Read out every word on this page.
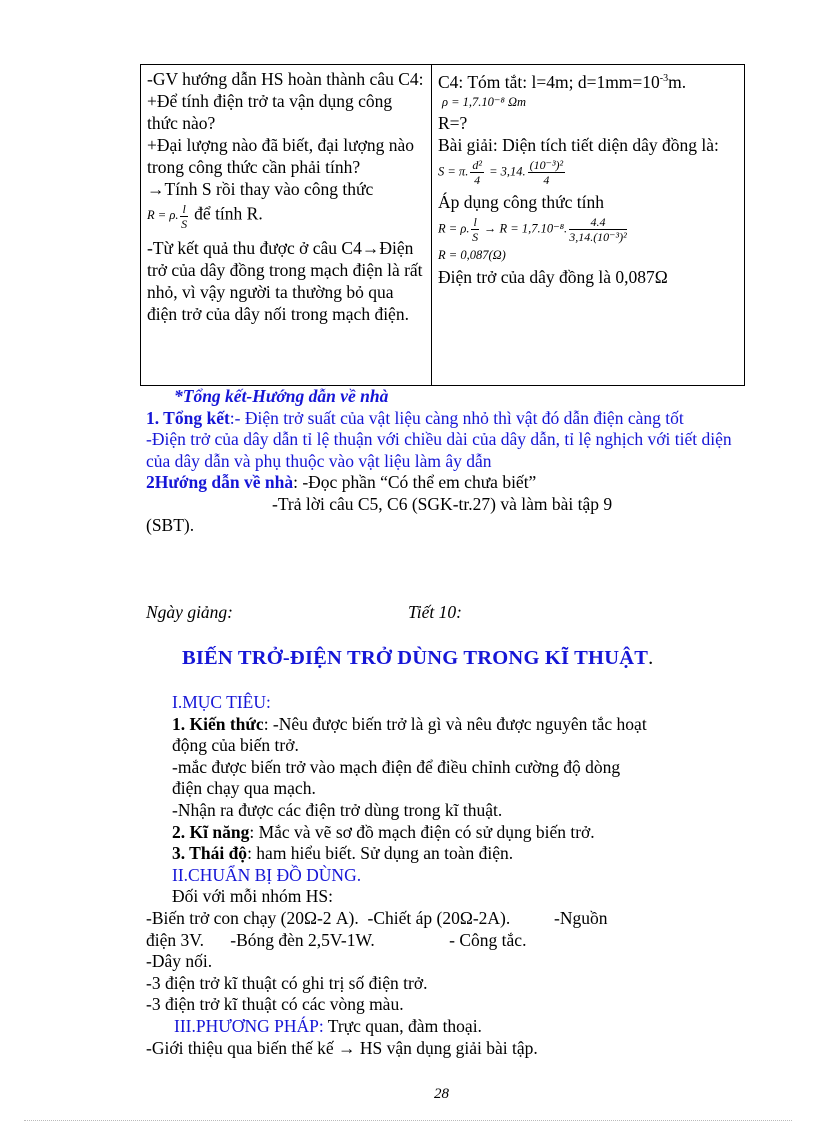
-GV hướng dẫn HS hoàn thành câu C4:

+Để tính điện trở ta vận dụng công thức nào?

+Đại lượng nào đã biết, đại lượng nào trong công thức cần phải tính?

→Tính S rồi thay vào công thức

R = ρ. $\frac{l}{S}$ để tính R.

-Từ kết quả thu được ở câu C4→Điện trở của dây đồng trong mạch điện là rất nhỏ, vì vậy người ta thường bỏ qua điện trở của dây nối trong mạch điện.

C4: Tóm tắt: l=4m; $d=1mm=10^{-3}m$.

ρ = 1,7.10⁻⁸ Ωm

R=?

Bài giải: Diện tích tiết diện dây đồng là:

S = π. $\frac{\text{d²}}{4} = 3,14$. $\frac{\text{(10⁻³)²}}{4}$

Áp dụng công thức tính

R = ρ. $\frac{l}{S} \to R = 1,7.10^{-8}$. $\frac{4.4}{\text{3,14.(10⁻³)²}}$

R = 0,087(Ω)

Điện trở của dây đồng là 0,087Ω

*Tổng kết-Hướng dẫn về nhà

1. Tổng kết:- Điện trở suất của vật liệu càng nhỏ thì vật đó dẫn điện càng tốt

-Điện trở của dây dẫn tỉ lệ thuận với chiều dài của dây dẫn, tỉ lệ nghịch với tiết diện của dây dẫn và phụ thuộc vào vật liệu làm ây dẫn

2Hướng dẫn về nhà: -Đọc phần “Có thể em chưa biết”

-Trả lời câu C5, C6 (SGK-tr.27) và làm bài tập 9

(SBT).

Ngày giảng:	Tiết 10:
BIẾN TRỞ-ĐIỆN TRỞ DÙNG TRONG KĨ THUẬT.

I.MỤC TIÊU:

1. Kiến thức: -Nêu được biến trở là gì và nêu được nguyên tắc hoạt

động của biến trở.

-mắc được biến trở vào mạch điện để điều chỉnh cường độ dòng

điện chạy qua mạch.

-Nhận ra được các điện trở dùng trong kĩ thuật.

2. Kĩ năng: Mắc và vẽ sơ đồ mạch điện có sử dụng biến trở.

3. Thái độ: ham hiểu biết. Sử dụng an toàn điện.

II.CHUẨN BỊ ĐỒ DÙNG.

Đối với mỗi nhóm HS:

-Biến trở con chạy (20Ω-2 A).  -Chiết áp (20Ω-2A).          -Nguồn

điện 3V.      -Bóng đèn 2,5V-1W.                 - Công tắc.

-Dây nối.

-3 điện trở kĩ thuật có ghi trị số điện trở.

-3 điện trở kĩ thuật có các vòng màu.

III.PHƯƠNG PHÁP: Trực quan, đàm thoại.

-Giới thiệu qua biến thế kế → HS vận dụng giải bài tập.

28
